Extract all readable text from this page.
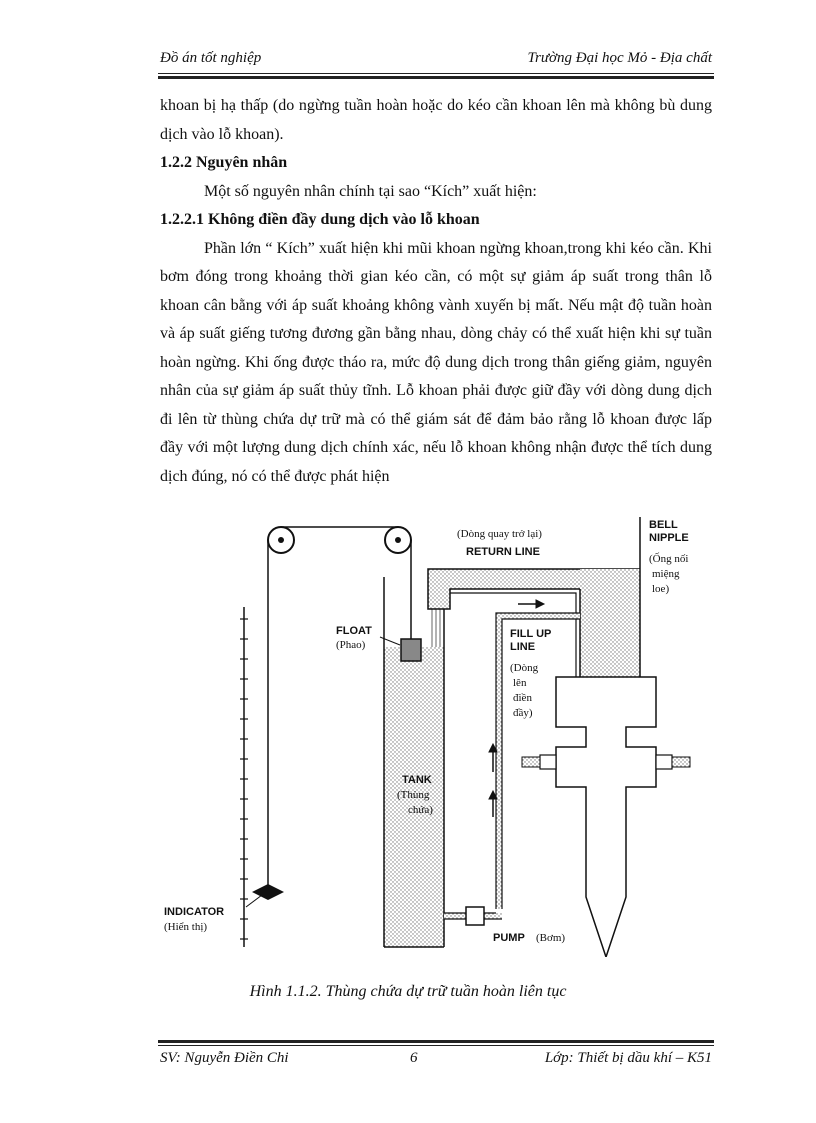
Đồ án tốt nghiệp	Trường Đại học Mỏ - Địa chất

khoan bị hạ thấp (do ngừng tuần hoàn hoặc do kéo cần khoan lên mà không bù dung dịch vào lỗ khoan).

1.2.2 Nguyên nhân

Một số nguyên nhân chính tại sao “Kích” xuất hiện:

1.2.2.1 Không điền đầy dung dịch vào lỗ khoan

Phần lớn “ Kích” xuất hiện khi mũi khoan ngừng khoan,trong khi kéo cần. Khi bơm đóng trong khoảng thời gian kéo cần, có một sự giảm áp suất trong thân lỗ khoan cân bằng với áp suất khoảng không vành xuyến bị mất. Nếu mật độ tuần hoàn và áp suất giếng tương đương gần bằng nhau, dòng chảy có thể xuất hiện khi sự tuần hoàn ngừng. Khi ống được tháo ra, mức độ dung dịch trong thân giếng giảm, nguyên nhân của sự giảm áp suất thủy tĩnh. Lỗ khoan phải được giữ đầy với dòng dung dịch đi lên từ thùng chứa dự trữ mà có thể giám sát để đảm bảo rằng lỗ khoan được lấp đầy với một lượng dung dịch chính xác, nếu lỗ khoan không nhận được thể tích dung dịch đúng, nó có thể được phát hiện

(Dòng quay trở lại)
RETURN LINE
BELL
NIPPLE
(Ống nối
miệng
loe)
FLOAT
(Phao)
FILL UP
LINE
(Dòng
lên
điền
đầy)
TANK
(Thùng
chứa)
INDICATOR
(Hiển thị)
PUMP (Bơm)
Hình 1.1.2. Thùng chứa dự trữ tuần hoàn liên tục
SV: Nguyễn Điền Chi	6	Lớp: Thiết bị dầu khí – K51
